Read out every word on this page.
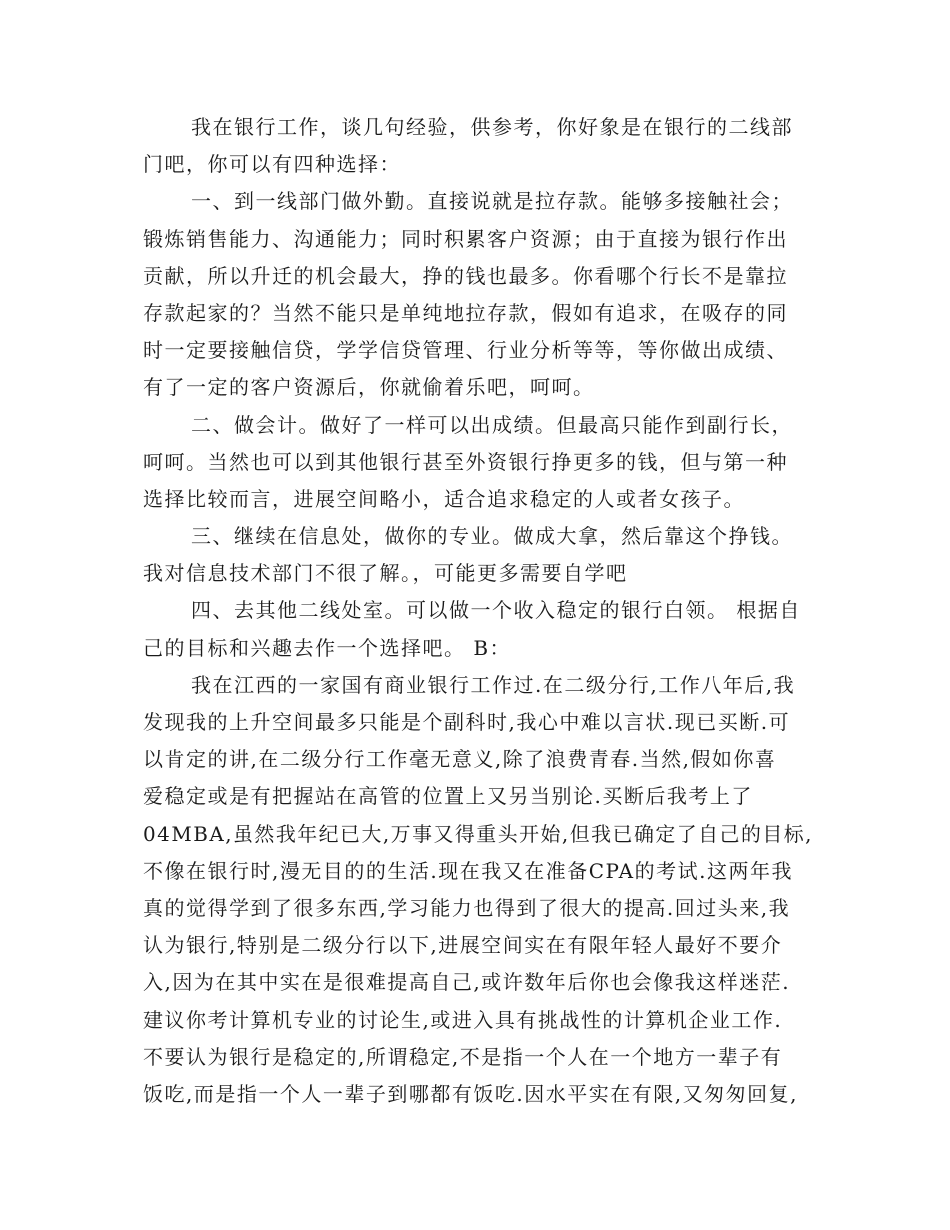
我在银行工作，谈几句经验，供参考，你好象是在银行的二线部
门吧，你可以有四种选择：
一、到一线部门做外勤。直接说就是拉存款。能够多接触社会；
锻炼销售能力、沟通能力；同时积累客户资源；由于直接为银行作出
贡献，所以升迁的机会最大，挣的钱也最多。你看哪个行长不是靠拉
存款起家的？当然不能只是单纯地拉存款，假如有追求，在吸存的同
时一定要接触信贷，学学信贷管理、行业分析等等，等你做出成绩、
有了一定的客户资源后，你就偷着乐吧，呵呵。
二、做会计。做好了一样可以出成绩。但最高只能作到副行长，
呵呵。当然也可以到其他银行甚至外资银行挣更多的钱，但与第一种
选择比较而言，进展空间略小，适合追求稳定的人或者女孩子。
三、继续在信息处，做你的专业。做成大拿，然后靠这个挣钱。
我对信息技术部门不很了解。，可能更多需要自学吧
四、去其他二线处室。可以做一个收入稳定的银行白领。 根据自
己的目标和兴趣去作一个选择吧。 B：
我在江西的一家国有商业银行工作过.在二级分行,工作八年后,我
发现我的上升空间最多只能是个副科时,我心中难以言状.现已买断.可
以肯定的讲,在二级分行工作毫无意义,除了浪费青春.当然,假如你喜
爱稳定或是有把握站在高管的位置上又另当别论.买断后我考上了
04MBA,虽然我年纪已大,万事又得重头开始,但我已确定了自己的目标,
不像在银行时,漫无目的的生活.现在我又在准备CPA的考试.这两年我
真的觉得学到了很多东西,学习能力也得到了很大的提高.回过头来,我
认为银行,特别是二级分行以下,进展空间实在有限年轻人最好不要介
入,因为在其中实在是很难提高自己,或许数年后你也会像我这样迷茫.
建议你考计算机专业的讨论生,或进入具有挑战性的计算机企业工作.
不要认为银行是稳定的,所谓稳定,不是指一个人在一个地方一辈子有
饭吃,而是指一个人一辈子到哪都有饭吃.因水平实在有限,又匆匆回复,
